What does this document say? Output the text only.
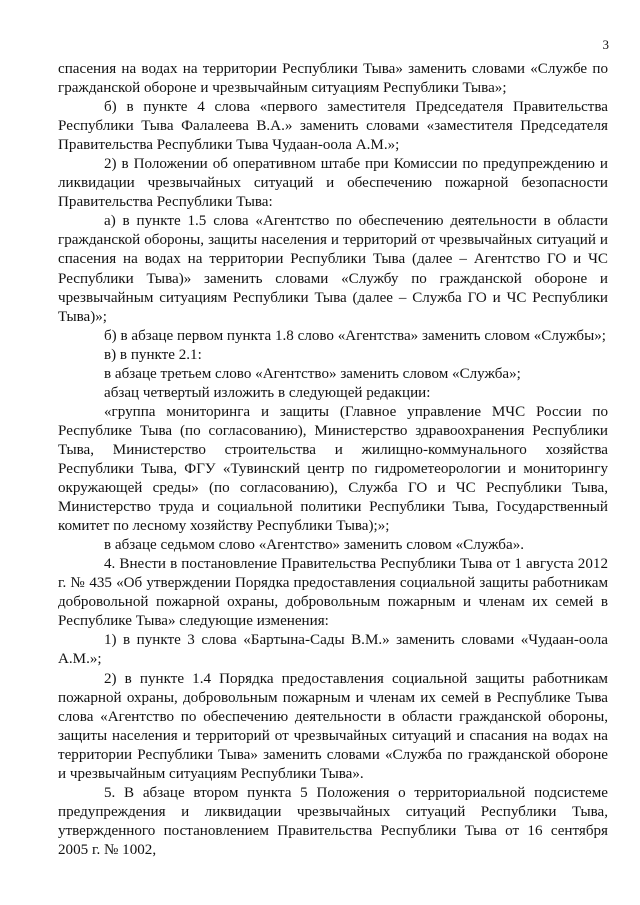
3

спасения на водах на территории Республики Тыва» заменить словами «Службе по гражданской обороне и чрезвычайным ситуациям Республики Тыва»;

б) в пункте 4 слова «первого заместителя Председателя Правительства Республики Тыва Фалалеева В.А.» заменить словами «заместителя Председателя Правительства Республики Тыва Чудаан-оола А.М.»;

2) в Положении об оперативном штабе при Комиссии по предупреждению и ликвидации чрезвычайных ситуаций и обеспечению пожарной безопасности Правительства Республики Тыва:

а) в пункте 1.5 слова «Агентство по обеспечению деятельности в области гражданской обороны, защиты населения и территорий от чрезвычайных ситуаций и спасения на водах на территории Республики Тыва (далее – Агентство ГО и ЧС Республики Тыва)» заменить словами «Службу по гражданской обороне и чрезвычайным ситуациям Республики Тыва (далее – Служба ГО и ЧС Республики Тыва)»;

б) в абзаце первом пункта 1.8 слово «Агентства» заменить словом «Службы»;

в) в пункте 2.1:

в абзаце третьем слово «Агентство» заменить словом «Служба»;

абзац четвертый изложить в следующей редакции:

«группа мониторинга и защиты (Главное управление МЧС России по Республике Тыва (по согласованию), Министерство здравоохранения Республики Тыва, Министерство строительства и жилищно-коммунального хозяйства Республики Тыва, ФГУ «Тувинский центр по гидрометеорологии и мониторингу окружающей среды» (по согласованию), Служба ГО и ЧС Республики Тыва, Министерство труда и социальной политики Республики Тыва, Государственный комитет по лесному хозяйству Республики Тыва);»;

в абзаце седьмом слово «Агентство» заменить словом «Служба».

4. Внести в постановление Правительства Республики Тыва от 1 августа 2012 г. № 435 «Об утверждении Порядка предоставления социальной защиты работникам добровольной пожарной охраны, добровольным пожарным и членам их семей в Республике Тыва» следующие изменения:

1) в пункте 3 слова «Бартына-Сады В.М.» заменить словами «Чудаан-оола А.М.»;

2) в пункте 1.4 Порядка предоставления социальной защиты работникам пожарной охраны, добровольным пожарным и членам их семей в Республике Тыва слова «Агентство по обеспечению деятельности в области гражданской обороны, защиты населения и территорий от чрезвычайных ситуаций и спасания на водах на территории Республики Тыва» заменить словами «Служба по гражданской обороне и чрезвычайным ситуациям Республики Тыва».

5. В абзаце втором пункта 5 Положения о территориальной подсистеме предупреждения и ликвидации чрезвычайных ситуаций Республики Тыва, утвержденного постановлением Правительства Республики Тыва от 16 сентября 2005 г. № 1002,
